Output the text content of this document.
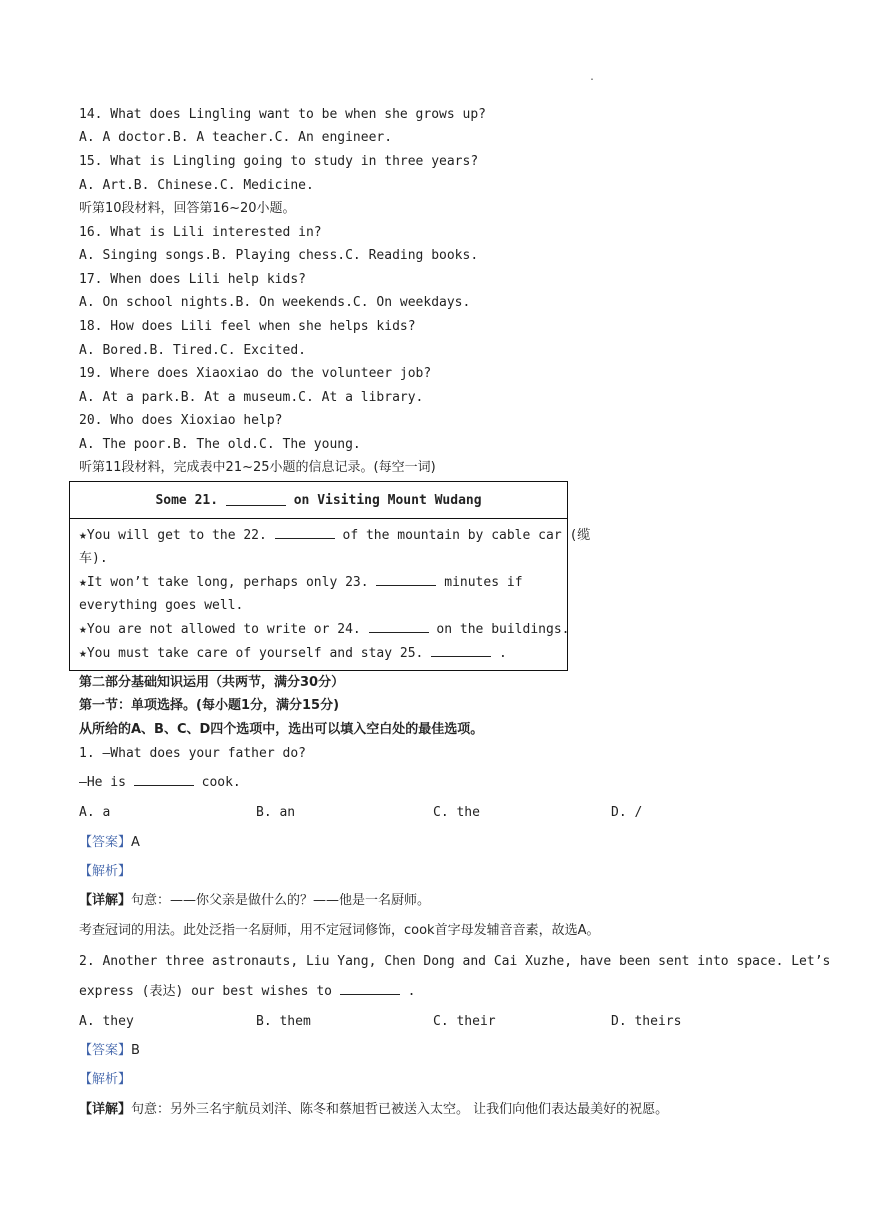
.
14. What does Lingling want to be when she grows up?
A. A doctor.B. A teacher.C. An engineer.
15. What is Lingling going to study in three years?
A. Art.B. Chinese.C. Medicine.
听第10段材料，回答第16~20小题。
16. What is Lili interested in?
A. Singing songs.B. Playing chess.C. Reading books.
17. When does Lili help kids?
A. On school nights.B. On weekends.C. On weekdays.
18. How does Lili feel when she helps kids?
A. Bored.B. Tired.C. Excited.
19. Where does Xiaoxiao do the volunteer job?
A. At a park.B. At a museum.C. At a library.
20. Who does Xioxiao help?
A. The poor.B. The old.C. The young.
听第11段材料，完成表中21~25小题的信息记录。(每空一词)
Some 21.	on Visiting Mount Wudang
★You will get to the 22.	of the mountain by cable car (缆
车).
★It won’t take long, perhaps only 23.	minutes if
everything goes well.
★You are not allowed to write or 24.	on the buildings.
★You must take care of yourself and stay 25.	.
第二部分基础知识运用（共两节，满分30分）
第一节：单项选择。(每小题1分，满分15分)
从所给的A、B、C、D四个选项中，选出可以填入空白处的最佳选项。
1. —What does your father do?
—He is	cook.
A. a	B. an	C. the	D. /
【答案】A
【解析】
【详解】句意：——你父亲是做什么的？——他是一名厨师。
考查冠词的用法。此处泛指一名厨师，用不定冠词修饰，cook首字母发辅音音素，故选A。
2. Another three astronauts, Liu Yang, Chen Dong and Cai Xuzhe, have been sent into space. Let’s
express (表达) our best wishes to	.
A. they	B. them	C. their	D. theirs
【答案】B
【解析】
【详解】句意：另外三名宇航员刘洋、陈冬和蔡旭哲已被送入太空。 让我们向他们表达最美好的祝愿。
